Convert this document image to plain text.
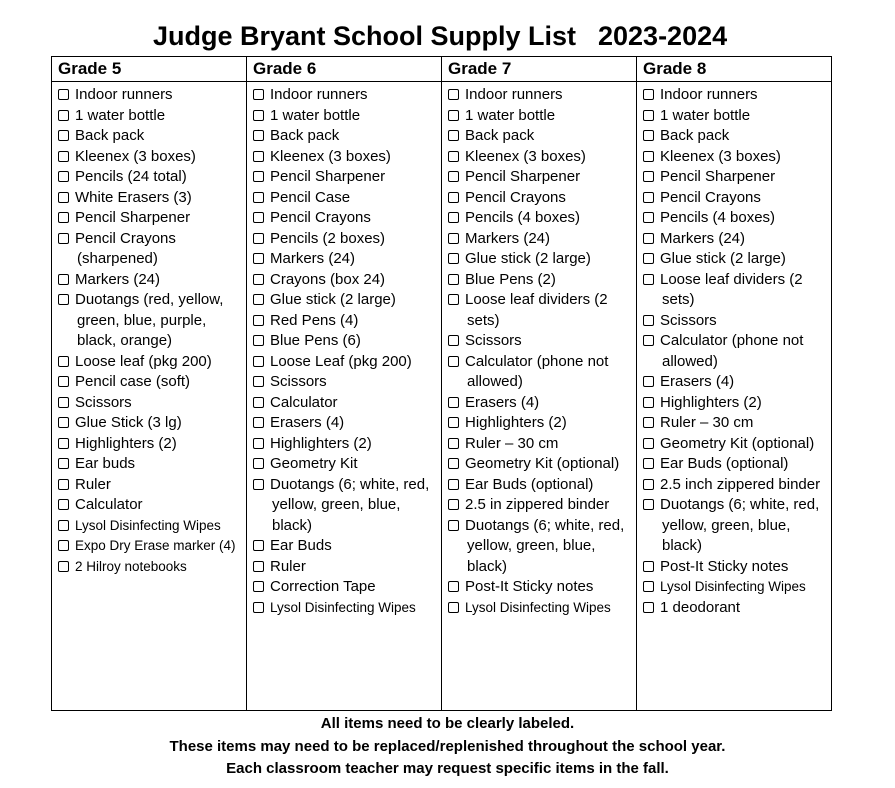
Judge Bryant School Supply List 2023-2024
Grade 5
Indoor runners
1 water bottle
Back pack
Kleenex (3 boxes)
Pencils (24 total)
White Erasers (3)
Pencil Sharpener
Pencil Crayons (sharpened)
Markers (24)
Duotangs (red, yellow, green, blue, purple, black, orange)
Loose leaf (pkg 200)
Pencil case (soft)
Scissors
Glue Stick (3 lg)
Highlighters (2)
Ear buds
Ruler
Calculator
Lysol Disinfecting Wipes
Expo Dry Erase marker (4)
2 Hilroy notebooks
Grade 6
Indoor runners
1 water bottle
Back pack
Kleenex (3 boxes)
Pencil Sharpener
Pencil Case
Pencil Crayons
Pencils (2 boxes)
Markers (24)
Crayons (box 24)
Glue stick (2 large)
Red Pens (4)
Blue Pens (6)
Loose Leaf (pkg 200)
Scissors
Calculator
Erasers (4)
Highlighters (2)
Geometry Kit
Duotangs (6; white, red, yellow, green, blue, black)
Ear Buds
Ruler
Correction Tape
Lysol Disinfecting Wipes
Grade 7
Indoor runners
1 water bottle
Back pack
Kleenex (3 boxes)
Pencil Sharpener
Pencil Crayons
Pencils (4 boxes)
Markers (24)
Glue stick (2 large)
Blue Pens (2)
Loose leaf dividers (2 sets)
Scissors
Calculator (phone not allowed)
Erasers (4)
Highlighters (2)
Ruler – 30 cm
Geometry Kit (optional)
Ear Buds (optional)
2.5 in zippered binder
Duotangs (6; white, red, yellow, green, blue, black)
Post-It Sticky notes
Lysol Disinfecting Wipes
Grade 8
Indoor runners
1 water bottle
Back pack
Kleenex (3 boxes)
Pencil Sharpener
Pencil Crayons
Pencils (4 boxes)
Markers (24)
Glue stick (2 large)
Loose leaf dividers (2 sets)
Scissors
Calculator (phone not allowed)
Erasers (4)
Highlighters (2)
Ruler – 30 cm
Geometry Kit (optional)
Ear Buds (optional)
2.5 inch zippered binder
Duotangs (6; white, red, yellow, green, blue, black)
Post-It Sticky notes
Lysol Disinfecting Wipes
1 deodorant
All items need to be clearly labeled.
These items may need to be replaced/replenished throughout the school year.
Each classroom teacher may request specific items in the fall.
